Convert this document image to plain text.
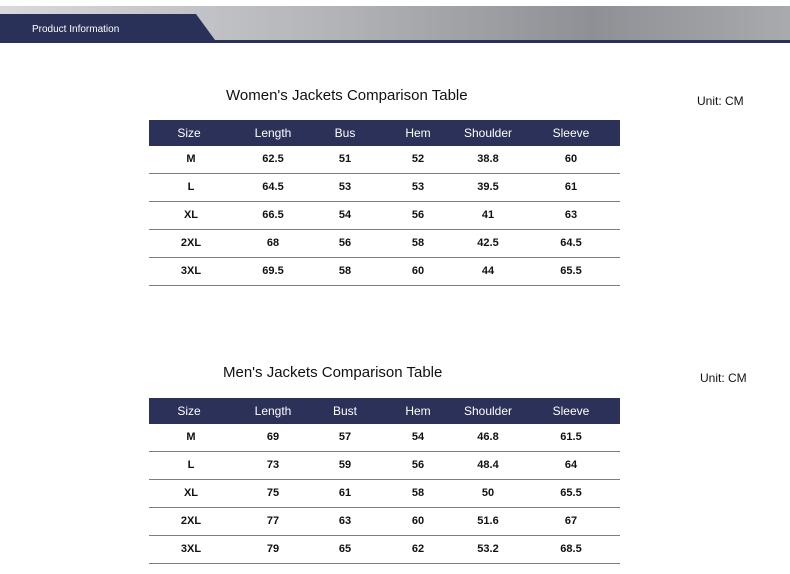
Product Information
Women's Jackets Comparison Table	Unit: CM
Size	Length	Bus	Hem	Shoulder	Sleeve
M	62.5	51	52	38.8	60
L	64.5	53	53	39.5	61
XL	66.5	54	56	41	63
2XL	68	56	58	42.5	64.5
3XL	69.5	58	60	44	65.5
Men's Jackets Comparison Table	Unit: CM
Size	Length	Bust	Hem	Shoulder	Sleeve
M	69	57	54	46.8	61.5
L	73	59	56	48.4	64
XL	75	61	58	50	65.5
2XL	77	63	60	51.6	67
3XL	79	65	62	53.2	68.5
